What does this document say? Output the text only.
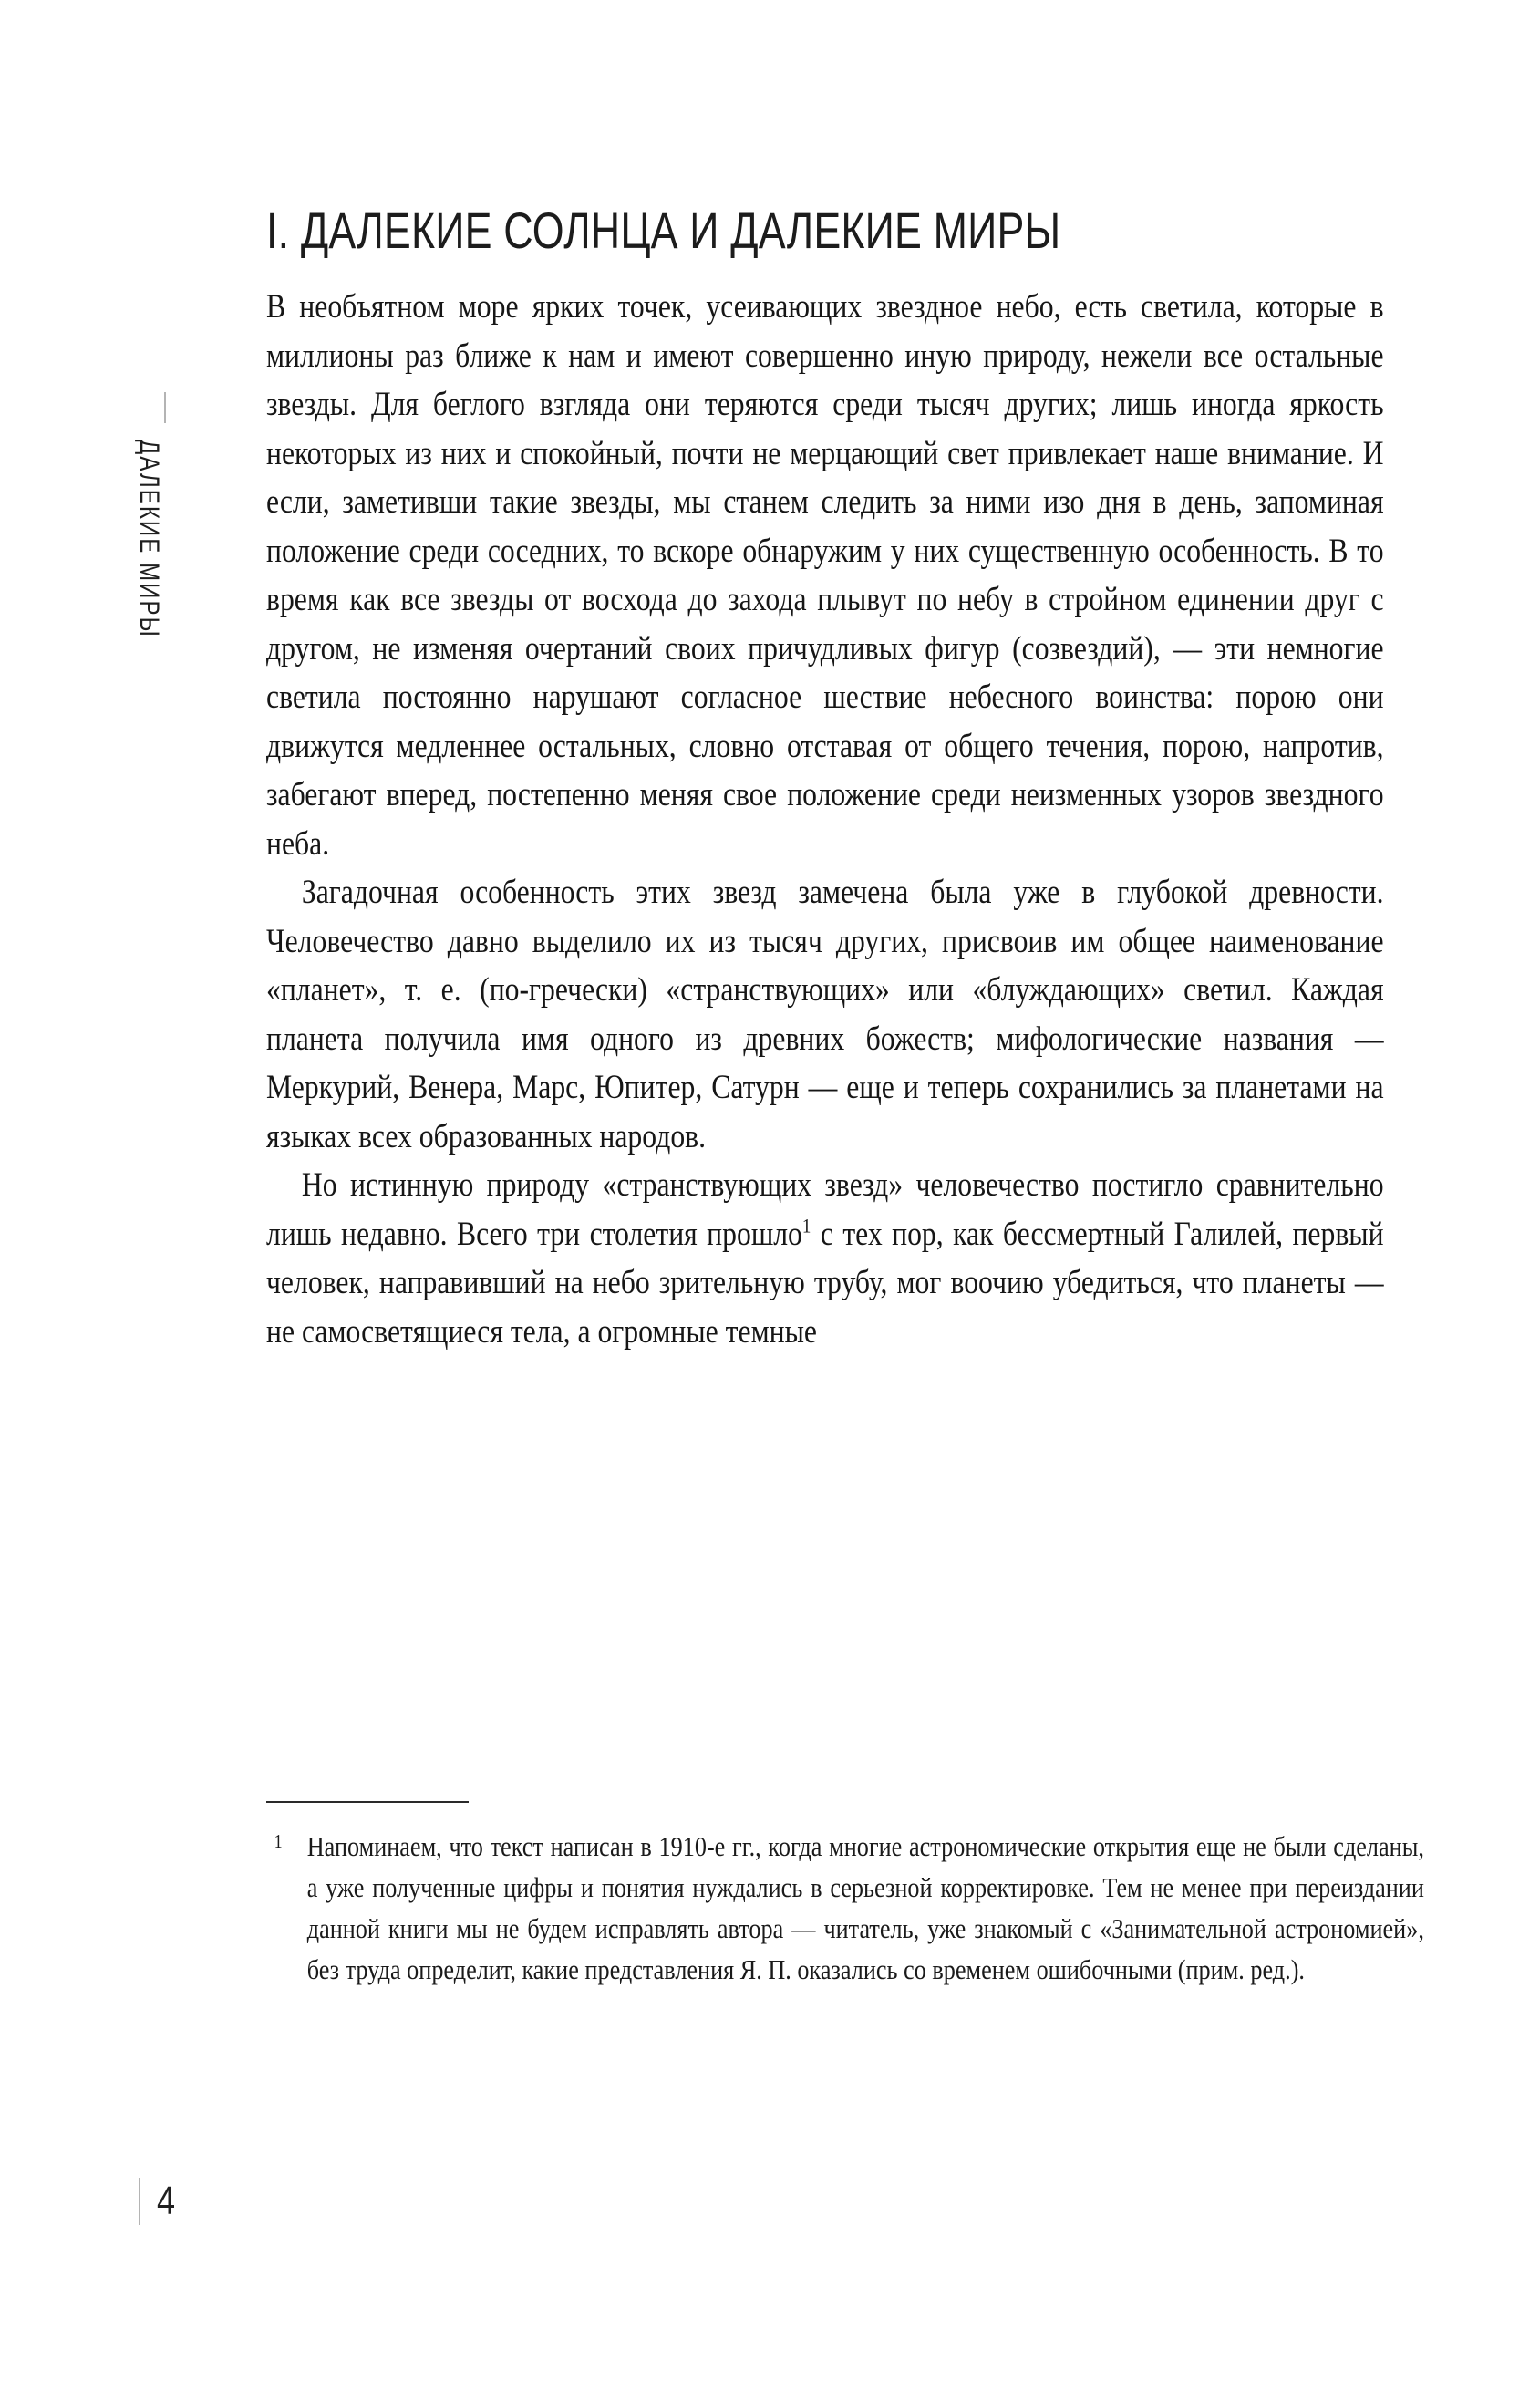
ДАЛЕКИЕ МИРЫ
I. ДАЛЕКИЕ СОЛНЦА И ДАЛЕКИЕ МИРЫ

В необъятном море ярких точек, усеивающих звездное небо, есть светила, которые в миллионы раз ближе к нам и имеют совершенно иную природу, нежели все остальные звезды. Для беглого взгляда они теряются среди тысяч других; лишь иногда яркость некоторых из них и спокойный, почти не мерцающий свет привлекает наше внимание. И если, заметивши такие звезды, мы станем следить за ними изо дня в день, запоминая положение среди соседних, то вскоре обнаружим у них существенную особенность. В то время как все звезды от восхода до захода плывут по небу в стройном единении друг с другом, не изменяя очертаний своих причудливых фигур (созвездий), — эти немногие светила постоянно нарушают согласное шествие небесного воинства: порою они движутся медленнее остальных, словно отставая от общего течения, порою, напротив, забегают вперед, постепенно меняя свое положение среди неизменных узоров звездного неба.

Загадочная особенность этих звезд замечена была уже в глубокой древности. Человечество давно выделило их из тысяч других, присвоив им общее наименование «планет», т. е. (по-гречески) «странствующих» или «блуждающих» светил. Каждая планета получила имя одного из древних божеств; мифологические названия — Меркурий, Венера, Марс, Юпитер, Сатурн — еще и теперь сохранились за планетами на языках всех образованных народов.

Но истинную природу «странствующих звезд» человечество постигло сравнительно лишь недавно. Всего три столетия прошло$^1$ с тех пор, как бессмертный Галилей, первый человек, направивший на небо зрительную трубу, мог воочию убедиться, что планеты — не самосветящиеся тела, а огромные темные

1 Напоминаем, что текст написан в 1910-е гг., когда многие астрономические открытия еще не были сделаны, а уже полученные цифры и понятия нуждались в серьезной корректировке. Тем не менее при переиздании данной книги мы не будем исправлять автора — читатель, уже знакомый с «Занимательной астрономией», без труда определит, какие представления Я. П. оказались со временем ошибочными (прим. ред.).
4
